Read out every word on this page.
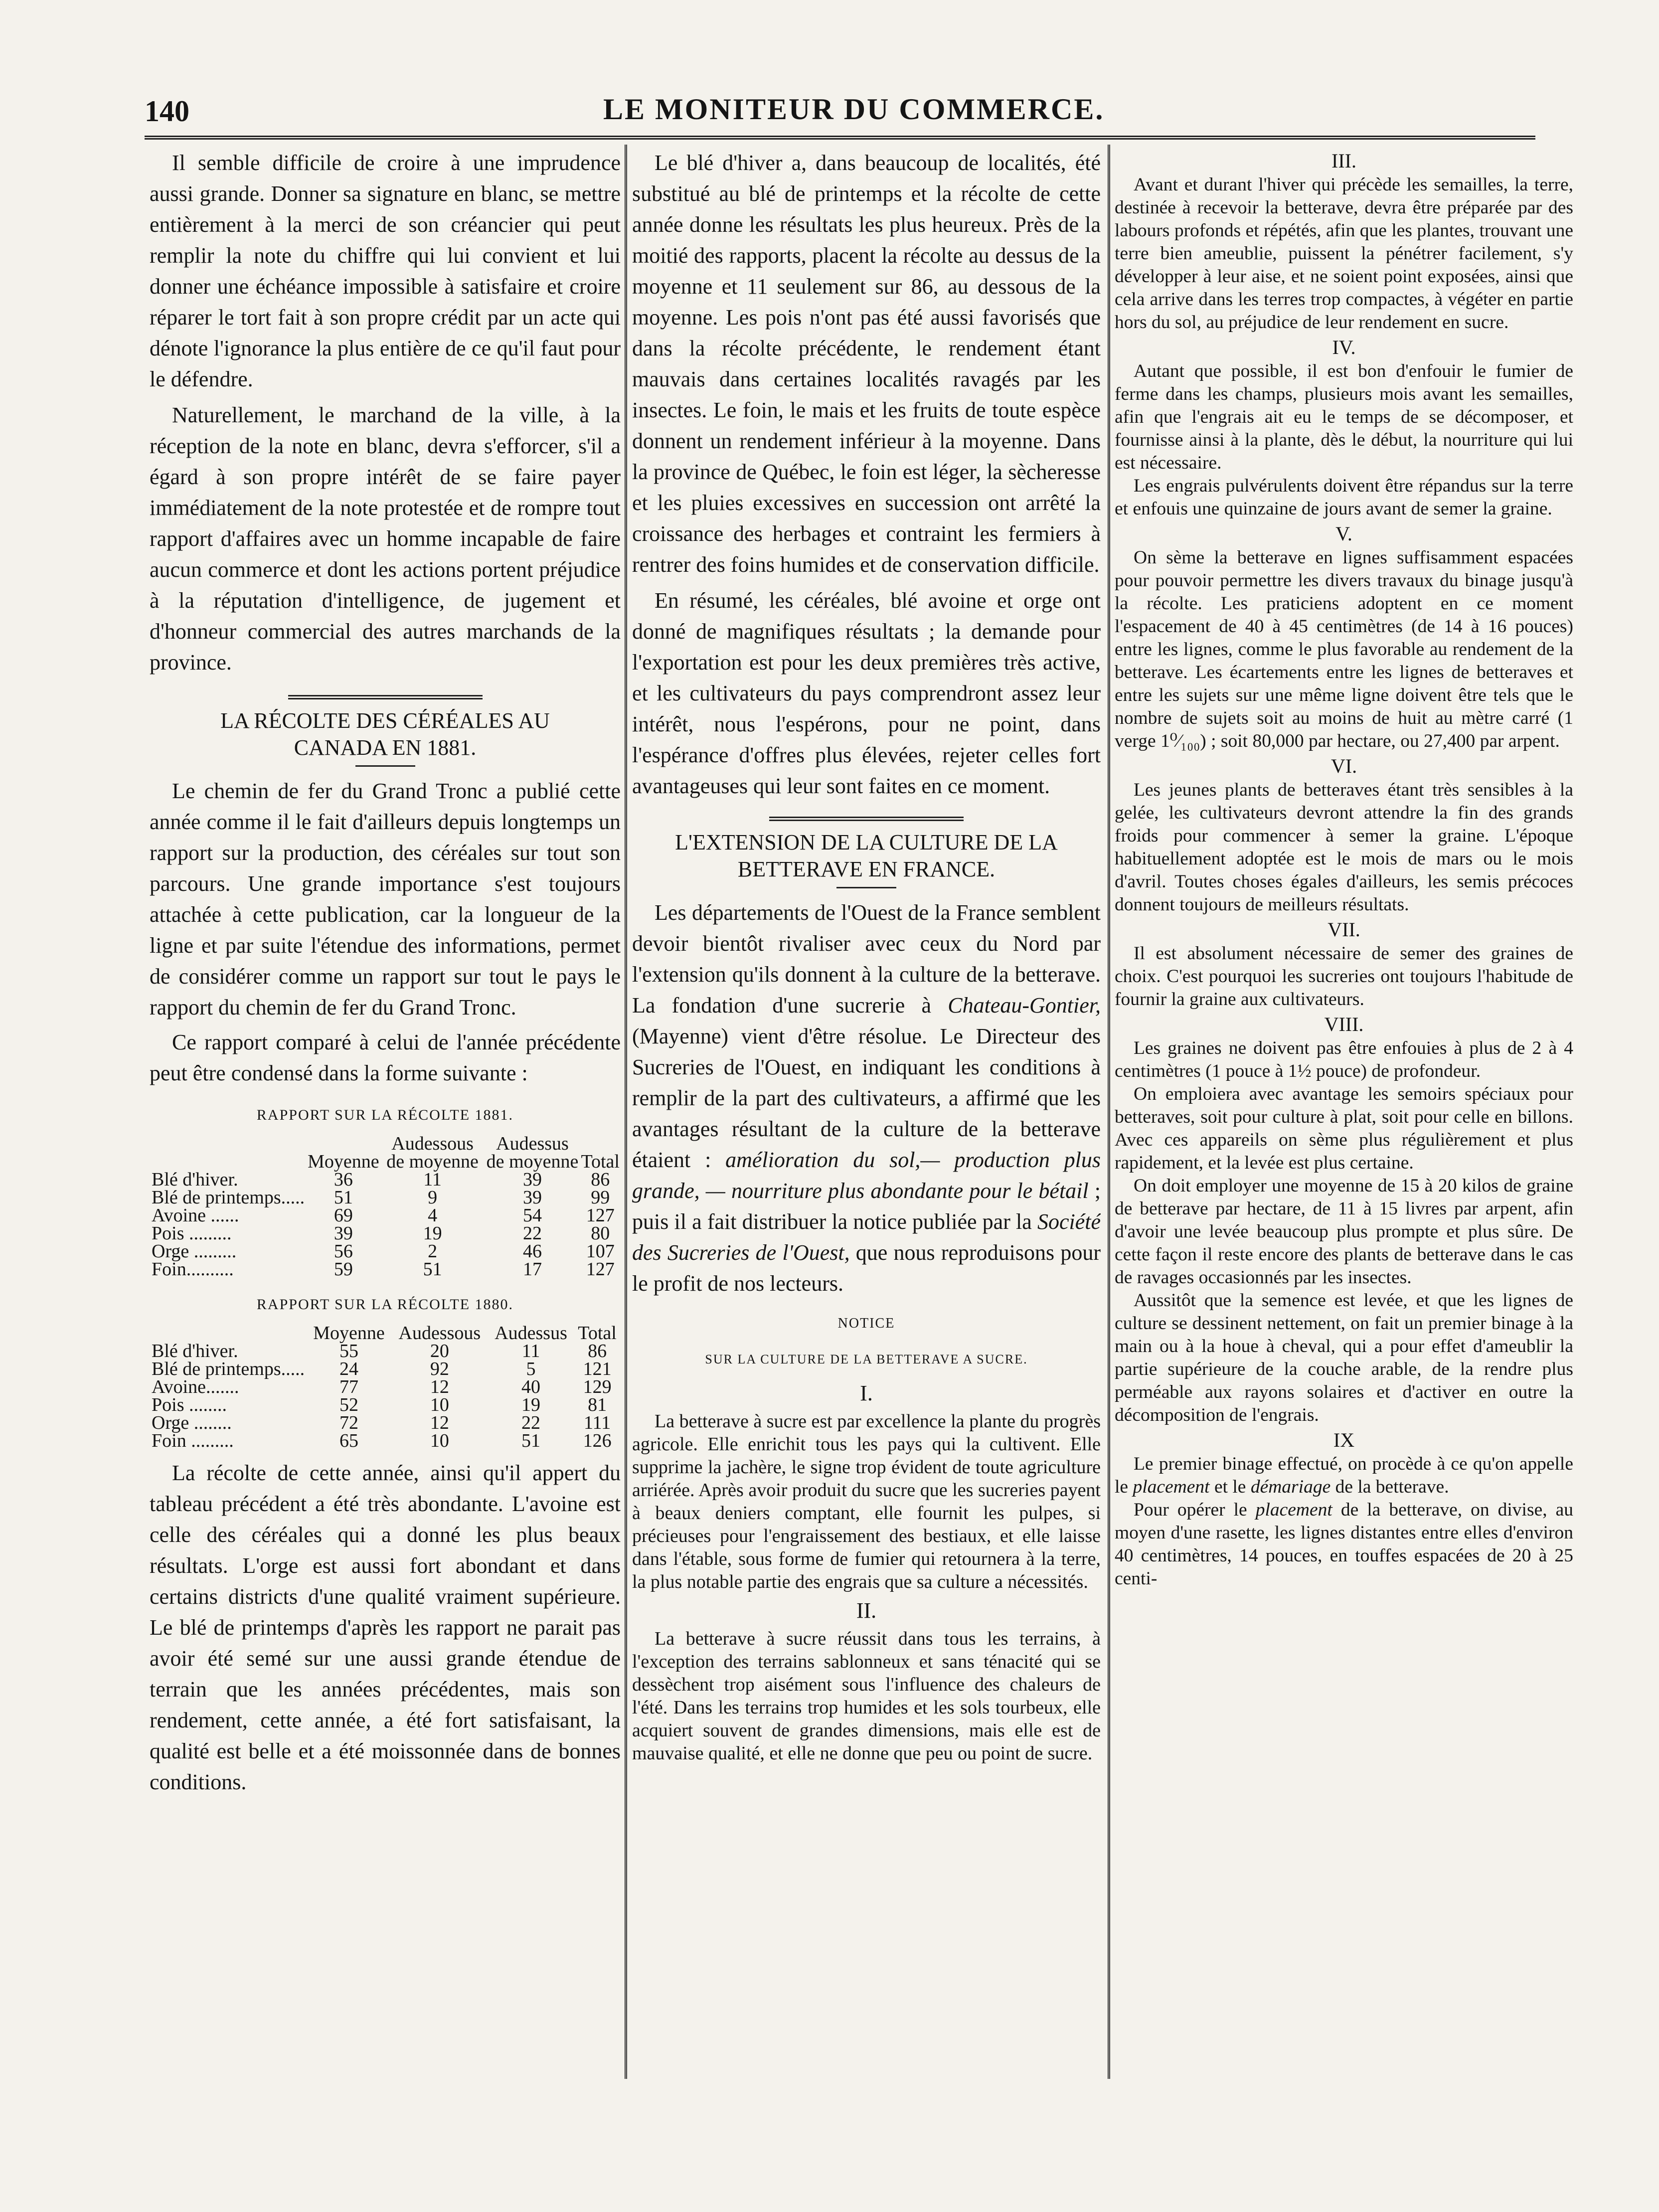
140	LE MONITEUR DU COMMERCE.

Il semble difficile de croire à une imprudence aussi grande. Donner sa signature en blanc, se mettre entièrement à la merci de son créancier qui peut remplir la note du chiffre qui lui convient et lui donner une échéance impossible à satisfaire et croire réparer le tort fait à son propre crédit par un acte qui dénote l'ignorance la plus entière de ce qu'il faut pour le défendre.

Naturellement, le marchand de la ville, à la réception de la note en blanc, devra s'efforcer, s'il a égard à son propre intérêt de se faire payer immédiatement de la note protestée et de rompre tout rapport d'affaires avec un homme incapable de faire aucun commerce et dont les actions portent préjudice à la réputation d'intelligence, de jugement et d'honneur commercial des autres marchands de la province.

LA RÉCOLTE DES CÉRÉALES AU
CANADA EN 1881.

Le chemin de fer du Grand Tronc a publié cette année comme il le fait d'ailleurs depuis longtemps un rapport sur la production, des céréales sur tout son parcours. Une grande importance s'est toujours attachée à cette publication, car la longueur de la ligne et par suite l'étendue des informations, permet de considérer comme un rapport sur tout le pays le rapport du chemin de fer du Grand Tronc.

Ce rapport comparé à celui de l'année précédente peut être condensé dans la forme suivante :

RAPPORT SUR LA RÉCOLTE 1881.
	Moyenne	Audessous de moyenne	Audessus de moyenne	Total
Blé d'hiver.	36	11	39	86
Blé de printemps.....	51	9	39	99
Avoine ......	69	4	54	127
Pois .........	39	19	22	80
Orge .........	56	2	46	107
Foin..........	59	51	17	127
RAPPORT SUR LA RÉCOLTE 1880.
	Moyenne	Audessous	Audessus	Total
Blé d'hiver.	55	20	11	86
Blé de printemps.....	24	92	5	121
Avoine.......	77	12	40	129
Pois ........	52	10	19	81
Orge ........	72	12	22	111
Foin .........	65	10	51	126

La récolte de cette année, ainsi qu'il appert du tableau précédent a été très abondante. L'avoine est celle des céréales qui a donné les plus beaux résultats. L'orge est aussi fort abondant et dans certains districts d'une qualité vraiment supérieure. Le blé de printemps d'après les rapport ne parait pas avoir été semé sur une aussi grande étendue de terrain que les années précédentes, mais son rendement, cette année, a été fort satisfaisant, la qualité est belle et a été moissonnée dans de bonnes conditions.

Le blé d'hiver a, dans beaucoup de localités, été substitué au blé de printemps et la récolte de cette année donne les résultats les plus heureux. Près de la moitié des rapports, placent la récolte au dessus de la moyenne et 11 seulement sur 86, au dessous de la moyenne. Les pois n'ont pas été aussi favorisés que dans la récolte précédente, le rendement étant mauvais dans certaines localités ravagés par les insectes. Le foin, le mais et les fruits de toute espèce donnent un rendement inférieur à la moyenne. Dans la province de Québec, le foin est léger, la sècheresse et les pluies excessives en succession ont arrêté la croissance des herbages et contraint les fermiers à rentrer des foins humides et de conservation difficile.

En résumé, les céréales, blé avoine et orge ont donné de magnifiques résultats ; la demande pour l'exportation est pour les deux premières très active, et les cultivateurs du pays comprendront assez leur intérêt, nous l'espérons, pour ne point, dans l'espérance d'offres plus élevées, rejeter celles fort avantageuses qui leur sont faites en ce moment.

L'EXTENSION DE LA CULTURE DE LA
BETTERAVE EN FRANCE.

Les départements de l'Ouest de la France semblent devoir bientôt rivaliser avec ceux du Nord par l'extension qu'ils donnent à la culture de la betterave. La fondation d'une sucrerie à Chateau-Gontier, (Mayenne) vient d'être résolue. Le Directeur des Sucreries de l'Ouest, en indiquant les conditions à remplir de la part des cultivateurs, a affirmé que les avantages résultant de la culture de la betterave étaient : amélioration du sol,— production plus grande, — nourriture plus abondante pour le bétail ; puis il a fait distribuer la notice publiée par la Société des Sucreries de l'Ouest, que nous reproduisons pour le profit de nos lecteurs.

NOTICE
SUR LA CULTURE DE LA BETTERAVE A SUCRE.
I.

La betterave à sucre est par excellence la plante du progrès agricole. Elle enrichit tous les pays qui la cultivent. Elle supprime la jachère, le signe trop évident de toute agriculture arriérée. Après avoir produit du sucre que les sucreries payent à beaux deniers comptant, elle fournit les pulpes, si précieuses pour l'engraissement des bestiaux, et elle laisse dans l'étable, sous forme de fumier qui retournera à la terre, la plus notable partie des engrais que sa culture a nécessités.

II.

La betterave à sucre réussit dans tous les terrains, à l'exception des terrains sablonneux et sans ténacité qui se dessèchent trop aisément sous l'influence des chaleurs de l'été. Dans les terrains trop humides et les sols tourbeux, elle acquiert souvent de grandes dimensions, mais elle est de mauvaise qualité, et elle ne donne que peu ou point de sucre.

III.

Avant et durant l'hiver qui précède les semailles, la terre, destinée à recevoir la betterave, devra être préparée par des labours profonds et répétés, afin que les plantes, trouvant une terre bien ameublie, puissent la pénétrer facilement, s'y développer à leur aise, et ne soient point exposées, ainsi que cela arrive dans les terres trop compactes, à végéter en partie hors du sol, au préjudice de leur rendement en sucre.

IV.

Autant que possible, il est bon d'enfouir le fumier de ferme dans les champs, plusieurs mois avant les semailles, afin que l'engrais ait eu le temps de se décomposer, et fournisse ainsi à la plante, dès le début, la nourriture qui lui est nécessaire.

Les engrais pulvérulents doivent être répandus sur la terre et enfouis une quinzaine de jours avant de semer la graine.

V.

On sème la betterave en lignes suffisamment espacées pour pouvoir permettre les divers travaux du binage jusqu'à la récolte. Les praticiens adoptent en ce moment l'espacement de 40 à 45 centimètres (de 14 à 16 pouces) entre les lignes, comme le plus favorable au rendement de la betterave. Les écartements entre les lignes de betteraves et entre les sujets sur une même ligne doivent être tels que le nombre de sujets soit au moins de huit au mètre carré (1 verge 1⁰⁄₁₀₀) ; soit 80,000 par hectare, ou 27,400 par arpent.

VI.

Les jeunes plants de betteraves étant très sensibles à la gelée, les cultivateurs devront attendre la fin des grands froids pour commencer à semer la graine. L'époque habituellement adoptée est le mois de mars ou le mois d'avril. Toutes choses égales d'ailleurs, les semis précoces donnent toujours de meilleurs résultats.

VII.

Il est absolument nécessaire de semer des graines de choix. C'est pourquoi les sucreries ont toujours l'habitude de fournir la graine aux cultivateurs.

VIII.

Les graines ne doivent pas être enfouies à plus de 2 à 4 centimètres (1 pouce à 1½ pouce) de profondeur.

On emploiera avec avantage les semoirs spéciaux pour betteraves, soit pour culture à plat, soit pour celle en billons. Avec ces appareils on sème plus régulièrement et plus rapidement, et la levée est plus certaine.

On doit employer une moyenne de 15 à 20 kilos de graine de betterave par hectare, de 11 à 15 livres par arpent, afin d'avoir une levée beaucoup plus prompte et plus sûre. De cette façon il reste encore des plants de betterave dans le cas de ravages occasionnés par les insectes.

Aussitôt que la semence est levée, et que les lignes de culture se dessinent nettement, on fait un premier binage à la main ou à la houe à cheval, qui a pour effet d'ameublir la partie supérieure de la couche arable, de la rendre plus perméable aux rayons solaires et d'activer en outre la décomposition de l'engrais.

IX

Le premier binage effectué, on procède à ce qu'on appelle le placement et le démariage de la betterave.

Pour opérer le placement de la betterave, on divise, au moyen d'une rasette, les lignes distantes entre elles d'environ 40 centimètres, 14 pouces, en touffes espacées de 20 à 25 centi-
